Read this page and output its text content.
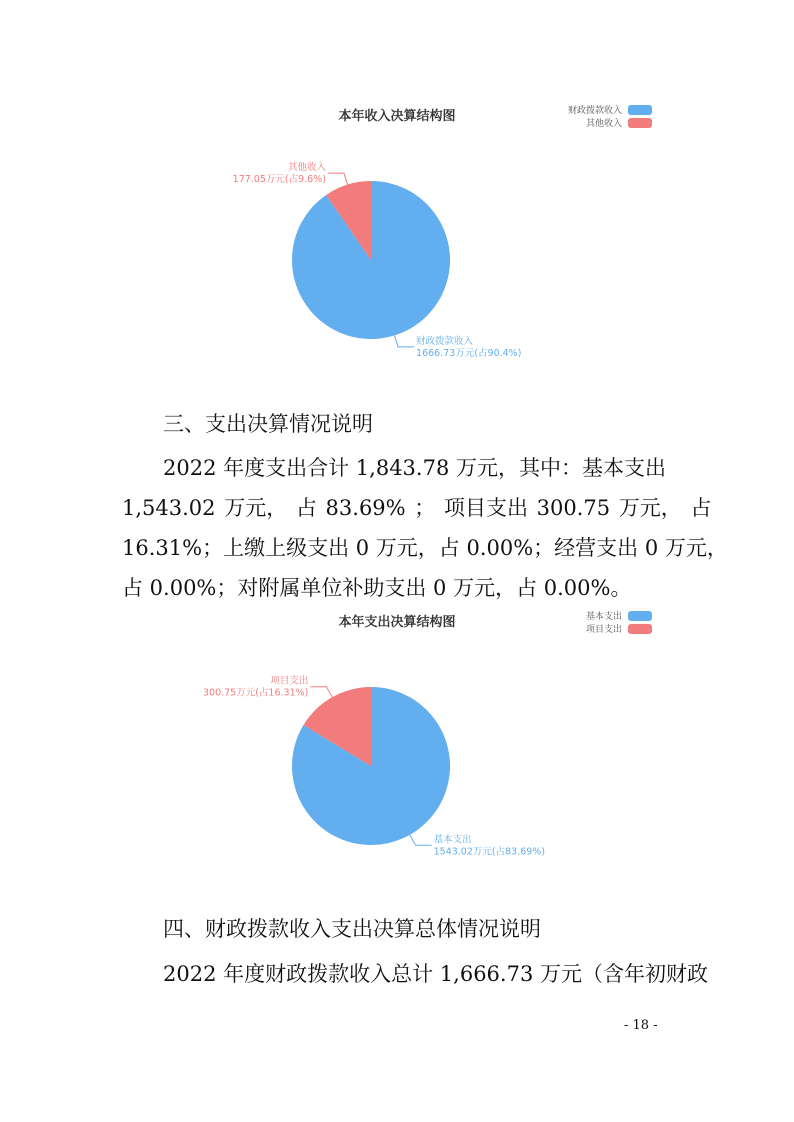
本年收入决算结构图	财政拨款收入
其他收入
财政拨款收入
1666.73万元(占90.4%)
其他收入
177.05万元(占9.6%)
三、支出决算情况说明
2022 年度支出合计 1,843.78 万元，其中：基本支出
1,543.02 万元， 占 83.69% ； 项目支出 300.75 万元， 占
16.31%；上缴上级支出 0 万元，占 0.00%；经营支出 0 万元，
占 0.00%；对附属单位补助支出 0 万元，占 0.00%。
本年支出决算结构图	基本支出
项目支出
基本支出
1543.02万元(占83.69%)
项目支出
300.75万元(占16.31%)
四、财政拨款收入支出决算总体情况说明
2022 年度财政拨款收入总计 1,666.73 万元（含年初财政
- 18 -
